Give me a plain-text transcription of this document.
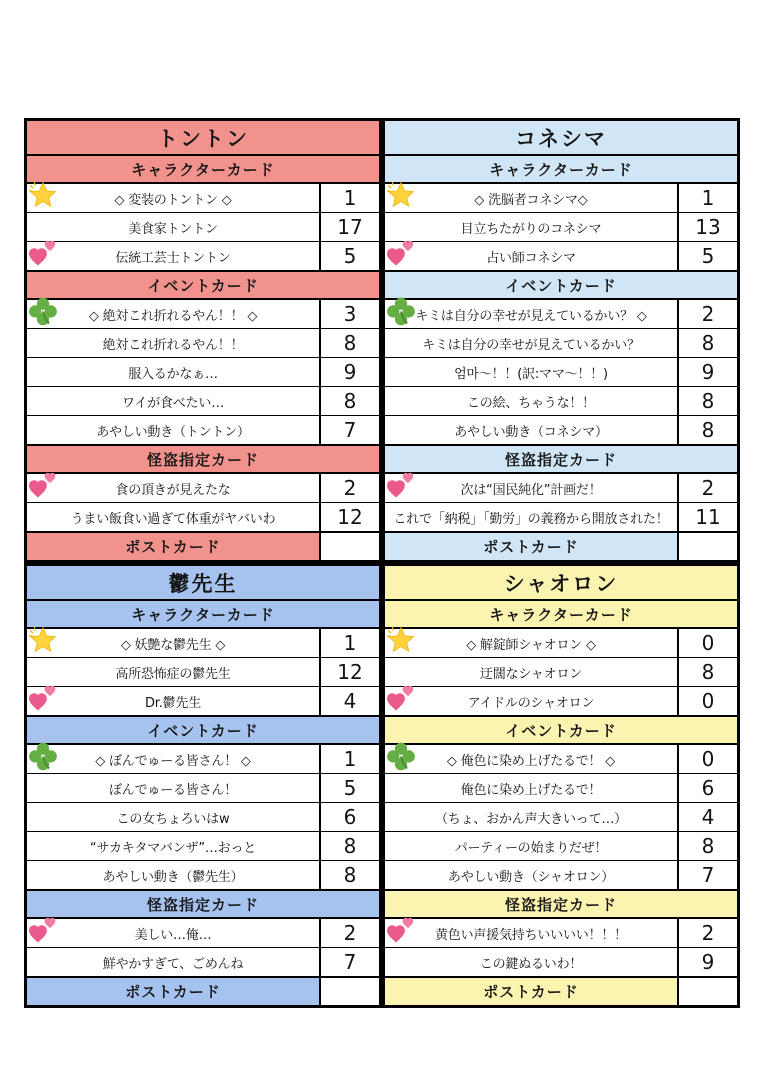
トントン
キャラクターカード
◇ 変装のトントン ◇	1
美食家トントン	17
伝統工芸士トントン	5
イベントカード
◇ 絶対これ折れるやん！！ ◇	3
絶対これ折れるやん！！	8
服入るかなぁ…	9
ワイが食べたい…	8
あやしい動き（トントン）	7
怪盗指定カード
食の頂きが見えたな	2
うまい飯食い過ぎて体重がヤバいわ	12
ポストカード
コネシマ
キャラクターカード
◇ 洗脳者コネシマ◇	1
目立ちたがりのコネシマ	13
占い師コネシマ	5
イベントカード
キミは自分の幸せが見えているかい？ ◇	2
キミは自分の幸せが見えているかい？	8
엄마～！！(訳:ママ～！！)	9
この絵、ちゃうな！！	8
あやしい動き（コネシマ）	8
怪盗指定カード
次は“国民純化”計画だ！	2
これで「納税」「勤労」の義務から開放された！	11
ポストカード
鬱先生
キャラクターカード
◇ 妖艶な鬱先生 ◇	1
高所恐怖症の鬱先生	12
Dr.鬱先生	4
イベントカード
◇ ぼんでゅーる皆さん！ ◇	1
ぼんでゅーる皆さん！	5
この女ちょろいはw	6
“サカキタマバンザ”…おっと	8
あやしい動き（鬱先生）	8
怪盗指定カード
美しい…俺…	2
鮮やかすぎて、ごめんね	7
ポストカード
シャオロン
キャラクターカード
◇ 解錠師シャオロン ◇	0
迂闊なシャオロン	8
アイドルのシャオロン	0
イベントカード
◇ 俺色に染め上げたるで！ ◇	0
俺色に染め上げたるで！	6
（ちょ、おかん声大きいって…）	4
パーティーの始まりだぜ！	8
あやしい動き（シャオロン）	7
怪盗指定カード
黄色い声援気持ちいいいい！！！	2
この鍵ぬるいわ！	9
ポストカード
